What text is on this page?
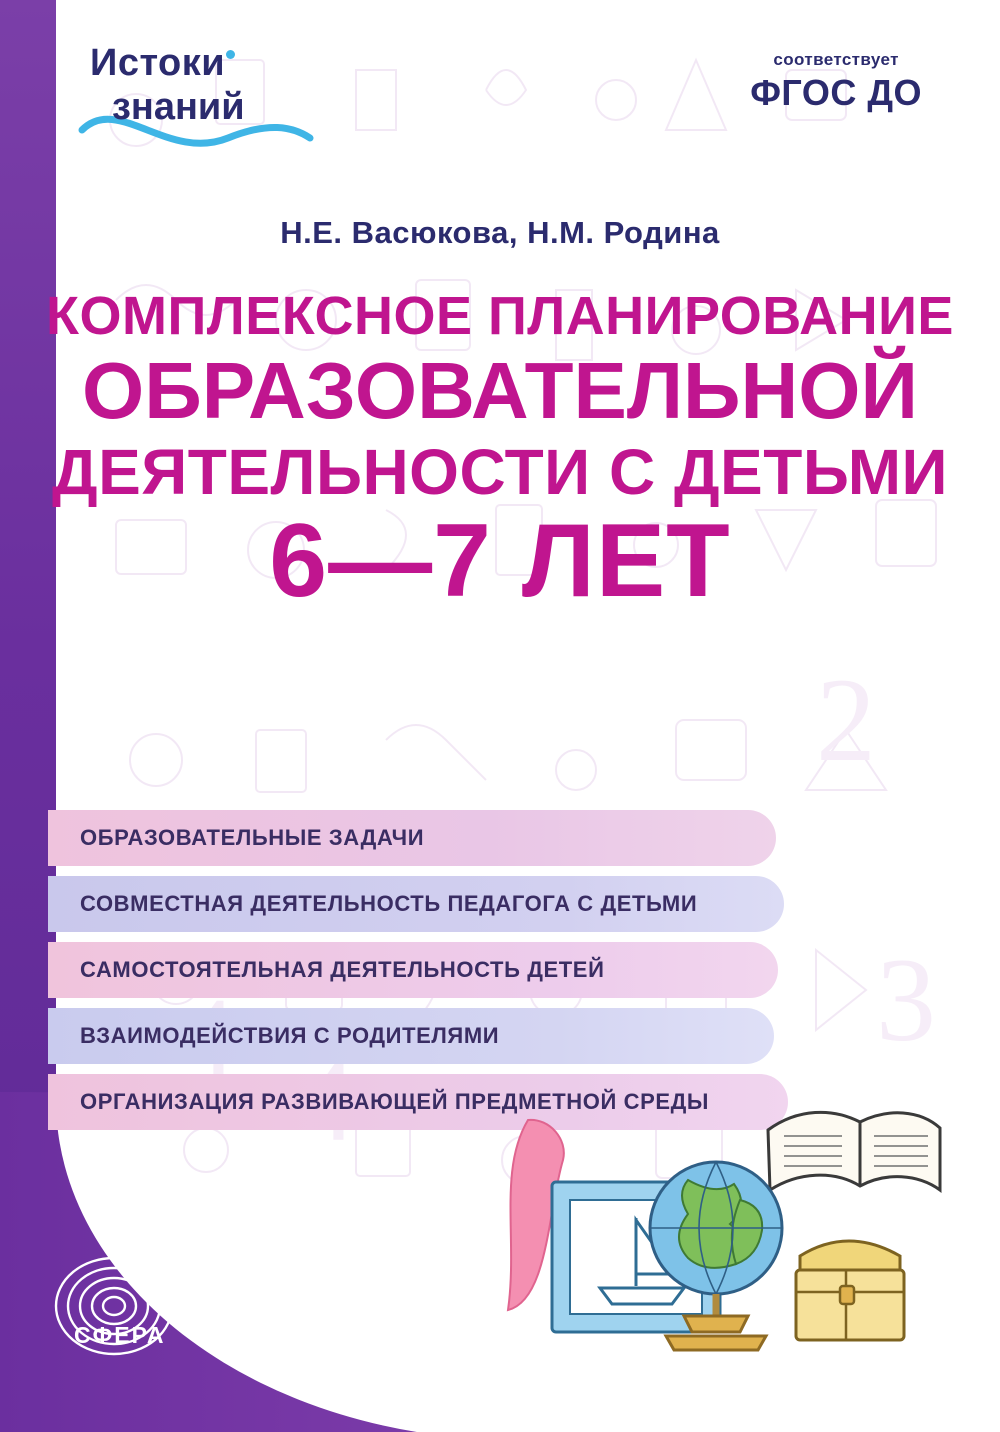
2
3
Истоки
знаний
соответствует
ФГОС ДО
Н.Е. Васюкова, Н.М. Родина
КОМПЛЕКСНОЕ ПЛАНИРОВАНИЕ
ОБРАЗОВАТЕЛЬНОЙ
ДЕЯТЕЛЬНОСТИ С ДЕТЬМИ
6—7 ЛЕТ
ОБРАЗОВАТЕЛЬНЫЕ ЗАДАЧИ
СОВМЕСТНАЯ ДЕЯТЕЛЬНОСТЬ ПЕДАГОГА С ДЕТЬМИ
САМОСТОЯТЕЛЬНАЯ ДЕЯТЕЛЬНОСТЬ ДЕТЕЙ
ВЗАИМОДЕЙСТВИЯ С РОДИТЕЛЯМИ
ОРГАНИЗАЦИЯ РАЗВИВАЮЩЕЙ ПРЕДМЕТНОЙ СРЕДЫ
СФЕРА
